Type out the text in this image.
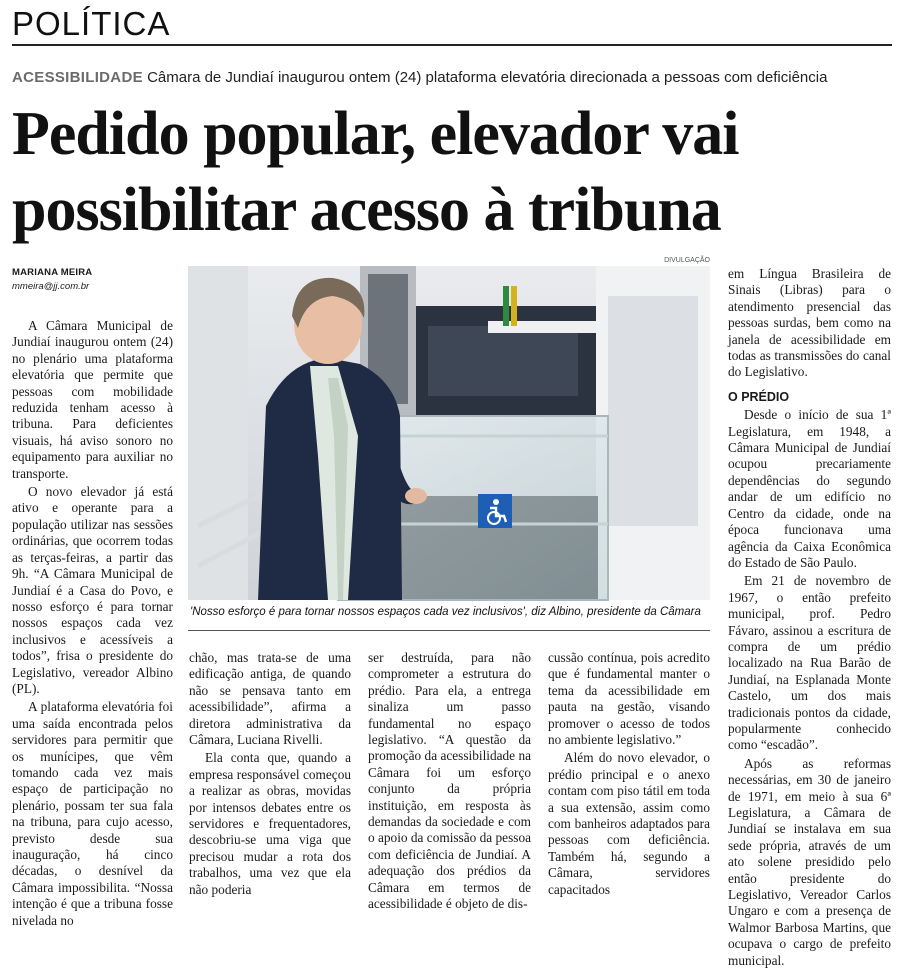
POLÍTICA
ACESSIBILIDADE Câmara de Jundiaí inaugurou ontem (24) plataforma elevatória direcionada a pessoas com deficiência
Pedido popular, elevador vai
possibilitar acesso à tribuna
MARIANA MEIRA
mmeira@jj.com.br

A Câmara Municipal de Jundiaí inaugurou ontem (24) no plenário uma plataforma elevatória que permite que pessoas com mobilidade reduzida tenham acesso à tribuna. Para deficientes visuais, há aviso sonoro no equipamento para auxiliar no transporte.

O novo elevador já está ativo e operante para a população utilizar nas sessões ordinárias, que ocorrem todas as terças-feiras, a partir das 9h. “A Câmara Municipal de Jundiaí é a Casa do Povo, e nosso esforço é para tornar nossos espaços cada vez inclusivos e acessíveis a todos”, frisa o presidente do Legislativo, vereador Albino (PL).

A plataforma elevatória foi uma saída encontrada pelos servidores para permitir que os munícipes, que vêm tomando cada vez mais espaço de participação no plenário, possam ter sua fala na tribuna, para cujo acesso, previsto desde sua inauguração, há cinco décadas, o desnível da Câmara impossibilita. “Nossa intenção é que a tribuna fosse nivelada no

DIVULGAÇÃO
'Nosso esforço é para tornar nossos espaços cada vez inclusivos', diz Albino, presidente da Câmara

chão, mas trata-se de uma edificação antiga, de quando não se pensava tanto em acessibilidade”, afirma a diretora administrativa da Câmara, Luciana Rivelli.

Ela conta que, quando a empresa responsável começou a realizar as obras, movidas por intensos debates entre os servidores e frequentadores, descobriu-se uma viga que precisou mudar a rota dos trabalhos, uma vez que ela não poderia

ser destruída, para não comprometer a estrutura do prédio. Para ela, a entrega sinaliza um passo fundamental no espaço legislativo. “A questão da promoção da acessibilidade na Câmara foi um esforço conjunto da própria instituição, em resposta às demandas da sociedade e com o apoio da comissão da pessoa com deficiência de Jundiaí. A adequação dos prédios da Câmara em termos de acessibilidade é objeto de dis-

cussão contínua, pois acredito que é fundamental manter o tema da acessibilidade em pauta na gestão, visando promover o acesso de todos no ambiente legislativo.”

Além do novo elevador, o prédio principal e o anexo contam com piso tátil em toda a sua extensão, assim como com banheiros adaptados para pessoas com deficiência. Também há, segundo a Câmara, servidores capacitados

em Língua Brasileira de Sinais (Libras) para o atendimento presencial das pessoas surdas, bem como na janela de acessibilidade em todas as transmissões do canal do Legislativo.

O PRÉDIO

Desde o início de sua 1ª Legislatura, em 1948, a Câmara Municipal de Jundiaí ocupou precariamente dependências do segundo andar de um edifício no Centro da cidade, onde na época funcionava uma agência da Caixa Econômica do Estado de São Paulo.

Em 21 de novembro de 1967, o então prefeito municipal, prof. Pedro Fávaro, assinou a escritura de compra de um prédio localizado na Rua Barão de Jundiaí, na Esplanada Monte Castelo, um dos mais tradicionais pontos da cidade, popularmente conhecido como “escadão”.

Após as reformas necessárias, em 30 de janeiro de 1971, em meio à sua 6ª Legislatura, a Câmara de Jundiaí se instalava em sua sede própria, através de um ato solene presidido pelo então presidente do Legislativo, Vereador Carlos Ungaro e com a presença de Walmor Barbosa Martins, que ocupava o cargo de prefeito municipal.
